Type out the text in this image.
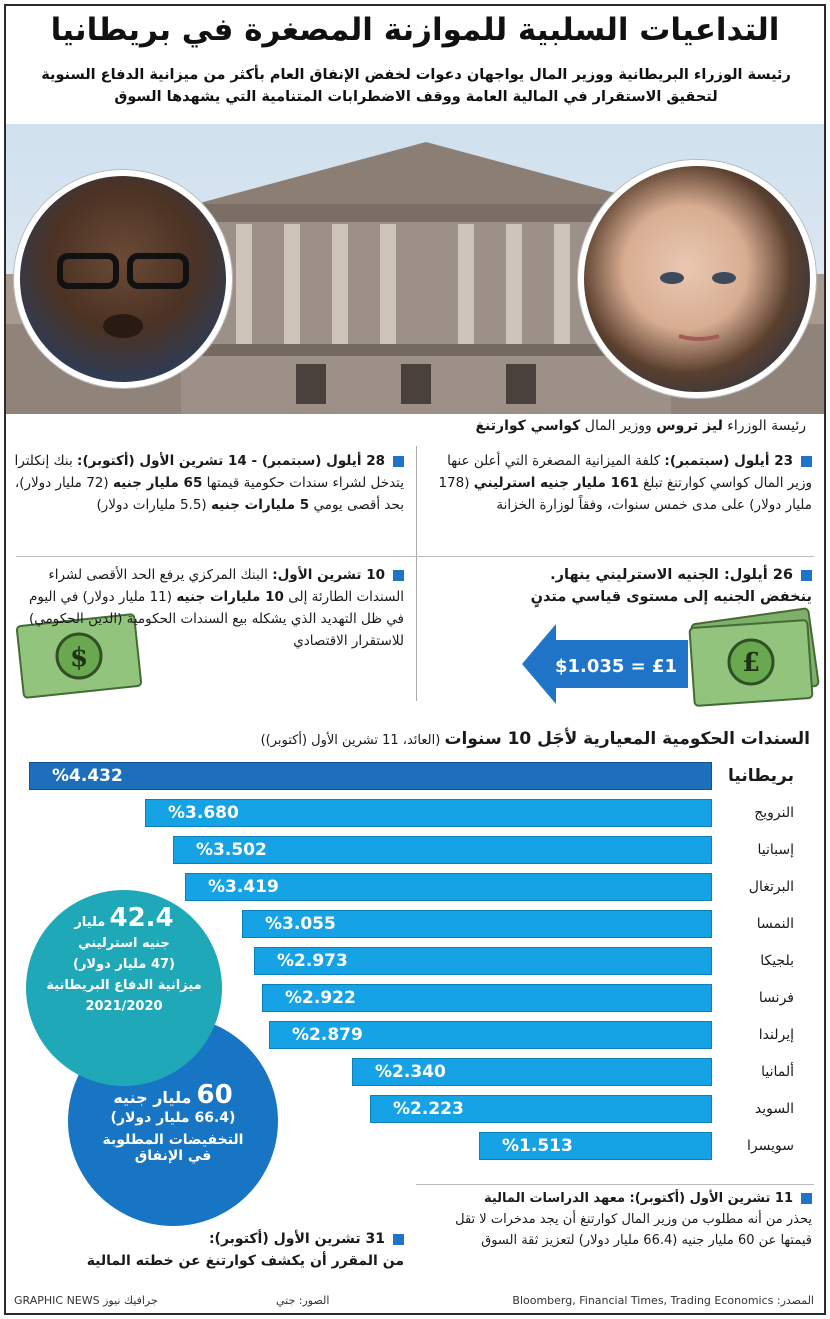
التداعيات السلبية للموازنة المصغرة في بريطانيا
رئيسة الوزراء البريطانية ووزير المال يواجهان دعوات لخفض الإنفاق العام بأكثر من ميزانية الدفاع السنوية لتحقيق الاستقرار في المالية العامة ووقف الاضطرابات المتنامية التي يشهدها السوق
رئيسة الوزراء ليز تروس ووزير المال كواسي كوارتنغ
23 أيلول (سبتمبر): كلفة الميزانية المصغرة التي أعلن عنها وزير المال كواسي كوارتنغ تبلغ 161 مليار جنيه استرليني (178 مليار دولار) على مدى خمس سنوات، وفقاً لوزارة الخزانة
28 أيلول (سبتمبر) - 14 تشرين الأول (أكتوبر): بنك إنكلترا يتدخل لشراء سندات حكومية قيمتها 65 مليار جنيه (72 مليار دولار)، بحد أقصى يومي 5 مليارات جنيه (5.5 مليارات دولار)
26 أيلول: الجنيه الاسترليني ينهار.
ينخفض الجنيه إلى مستوى قياسي متدنٍ
£
$1.035 = £1
$
10 تشرين الأول: البنك المركزي يرفع الحد الأقصى لشراء السندات الطارئة إلى 10 مليارات جنيه (11 مليار دولار) في اليوم في ظل التهديد الذي يشكله بيع السندات الحكومية (الدين الحكومي) للاستقرار الاقتصادي
السندات الحكومية المعيارية لأجَل 10 سنوات (العائد، 11 تشرين الأول (أكتوبر))
%4.432	بريطانيا
%3.680	النرويج
%3.502	إسبانيا
%3.419	البرتغال
%3.055	النمسا
%2.973	بلجيكا
%2.922	فرنسا
%2.879	إيرلندا
%2.340	ألمانيا
%2.223	السويد
%1.513	سويسرا
60 مليار جنيه
(66.4 مليار دولار)
التخفيضات المطلوبة
في الإنفاق
42.4 مليار
جنيه استرليني
(47 مليار دولار)
ميزانية الدفاع البريطانية
2021/2020
11 تشرين الأول (أكتوبر): معهد الدراسات المالية
يحذر من أنه مطلوب من وزير المال كوارتنغ أن يجد مدخرات لا تقل قيمتها عن 60 مليار جنيه (66.4 مليار دولار) لتعزيز ثقة السوق
31 تشرين الأول (أكتوبر):
من المقرر أن يكشف كوارتنغ عن خطته المالية
GRAPHIC NEWS جرافيك نيوز	الصور: جتي	المصدر: Bloomberg, Financial Times, Trading Economics
